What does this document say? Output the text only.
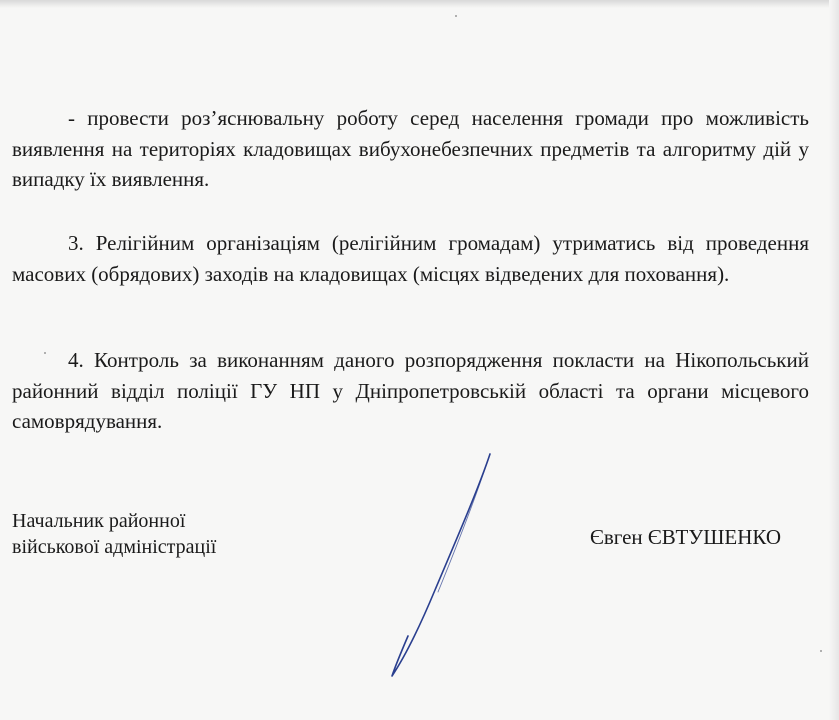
- провести роз’яснювальну роботу серед населення громади про можливість виявлення на територіях кладовищах вибухонебезпечних предметів та алгоритму дій у випадку їх виявлення.

3. Релігійним організаціям (релігійним громадам) утриматись від проведення масових (обрядових) заходів на кладовищах (місцях відведених для поховання).

4. Контроль за виконанням даного розпорядження покласти на Нікопольський районний відділ поліції ГУ НП у Дніпропетровській області та органи місцевого самоврядування.

Начальник районної
військової адміністрації	Євген ЄВТУШЕНКО
